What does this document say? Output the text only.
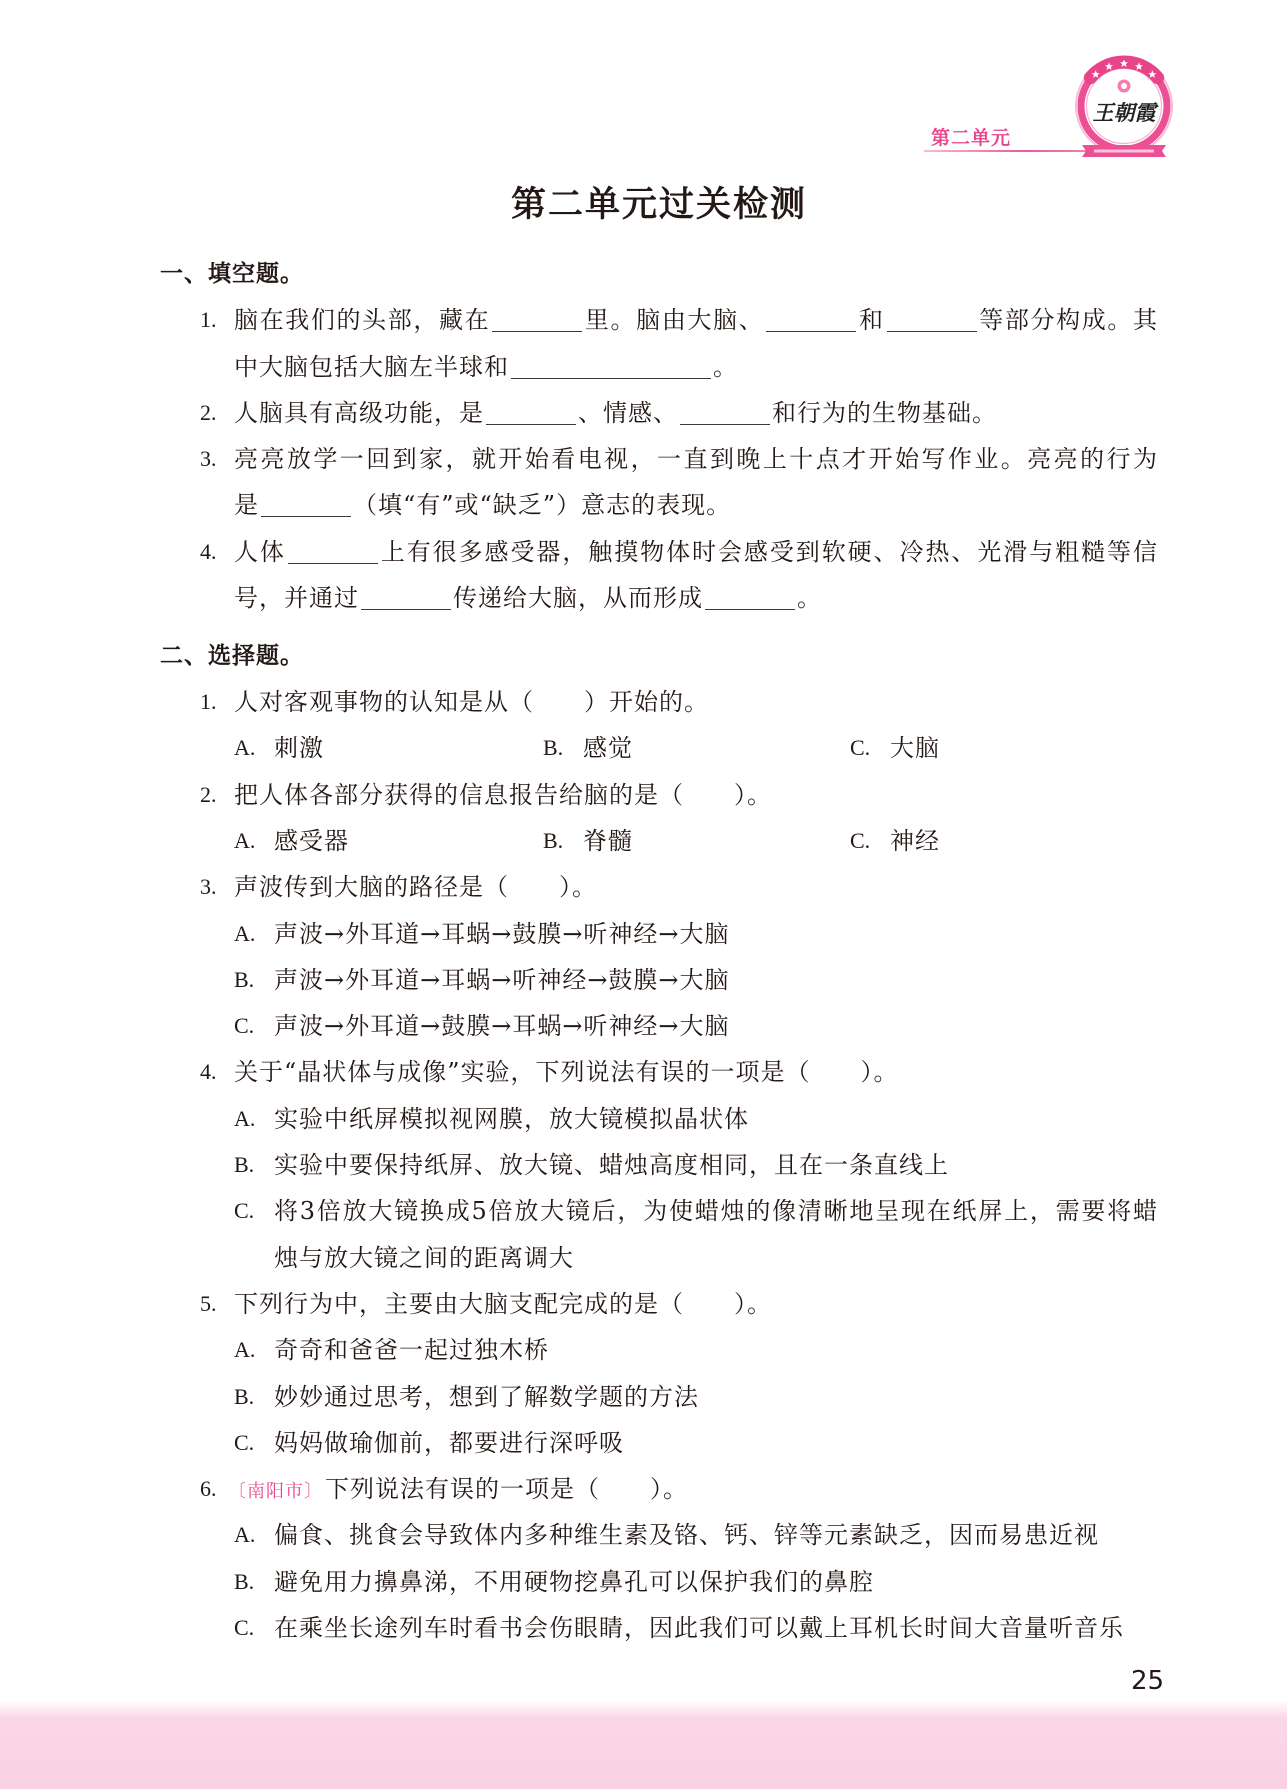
第二单元
王朝霞
第二单元过关检测
一、填空题。
1. 脑在我们的头部，藏在	里。脑由大脑、	和	等部分构成。其
中大脑包括大脑左半球和	。
2. 人脑具有高级功能，是	、情感、	和行为的生物基础。
3. 亮亮放学一回到家，就开始看电视，一直到晚上十点才开始写作业。亮亮的行为
是	（填“有”或“缺乏”）意志的表现。
4. 人体	上有很多感受器，触摸物体时会感受到软硬、冷热、光滑与粗糙等信
号，并通过	传递给大脑，从而形成	。
二、选择题。
1. 人对客观事物的认知是从（　　）开始的。
A. 刺激	B. 感觉	C. 大脑
2. 把人体各部分获得的信息报告给脑的是（　　）。
A. 感受器	B. 脊髓	C. 神经
3. 声波传到大脑的路径是（　　）。
A. 声波→外耳道→耳蜗→鼓膜→听神经→大脑
B. 声波→外耳道→耳蜗→听神经→鼓膜→大脑
C. 声波→外耳道→鼓膜→耳蜗→听神经→大脑
4. 关于“晶状体与成像”实验，下列说法有误的一项是（　　）。
A. 实验中纸屏模拟视网膜，放大镜模拟晶状体
B. 实验中要保持纸屏、放大镜、蜡烛高度相同，且在一条直线上
C. 将3倍放大镜换成5倍放大镜后，为使蜡烛的像清晰地呈现在纸屏上，需要将蜡
烛与放大镜之间的距离调大
5. 下列行为中，主要由大脑支配完成的是（　　）。
A. 奇奇和爸爸一起过独木桥
B. 妙妙通过思考，想到了解数学题的方法
C. 妈妈做瑜伽前，都要进行深呼吸
6. 〔南阳市〕下列说法有误的一项是（　　）。
A. 偏食、挑食会导致体内多种维生素及铬、钙、锌等元素缺乏，因而易患近视
B. 避免用力擤鼻涕，不用硬物挖鼻孔可以保护我们的鼻腔
C. 在乘坐长途列车时看书会伤眼睛，因此我们可以戴上耳机长时间大音量听音乐
25
